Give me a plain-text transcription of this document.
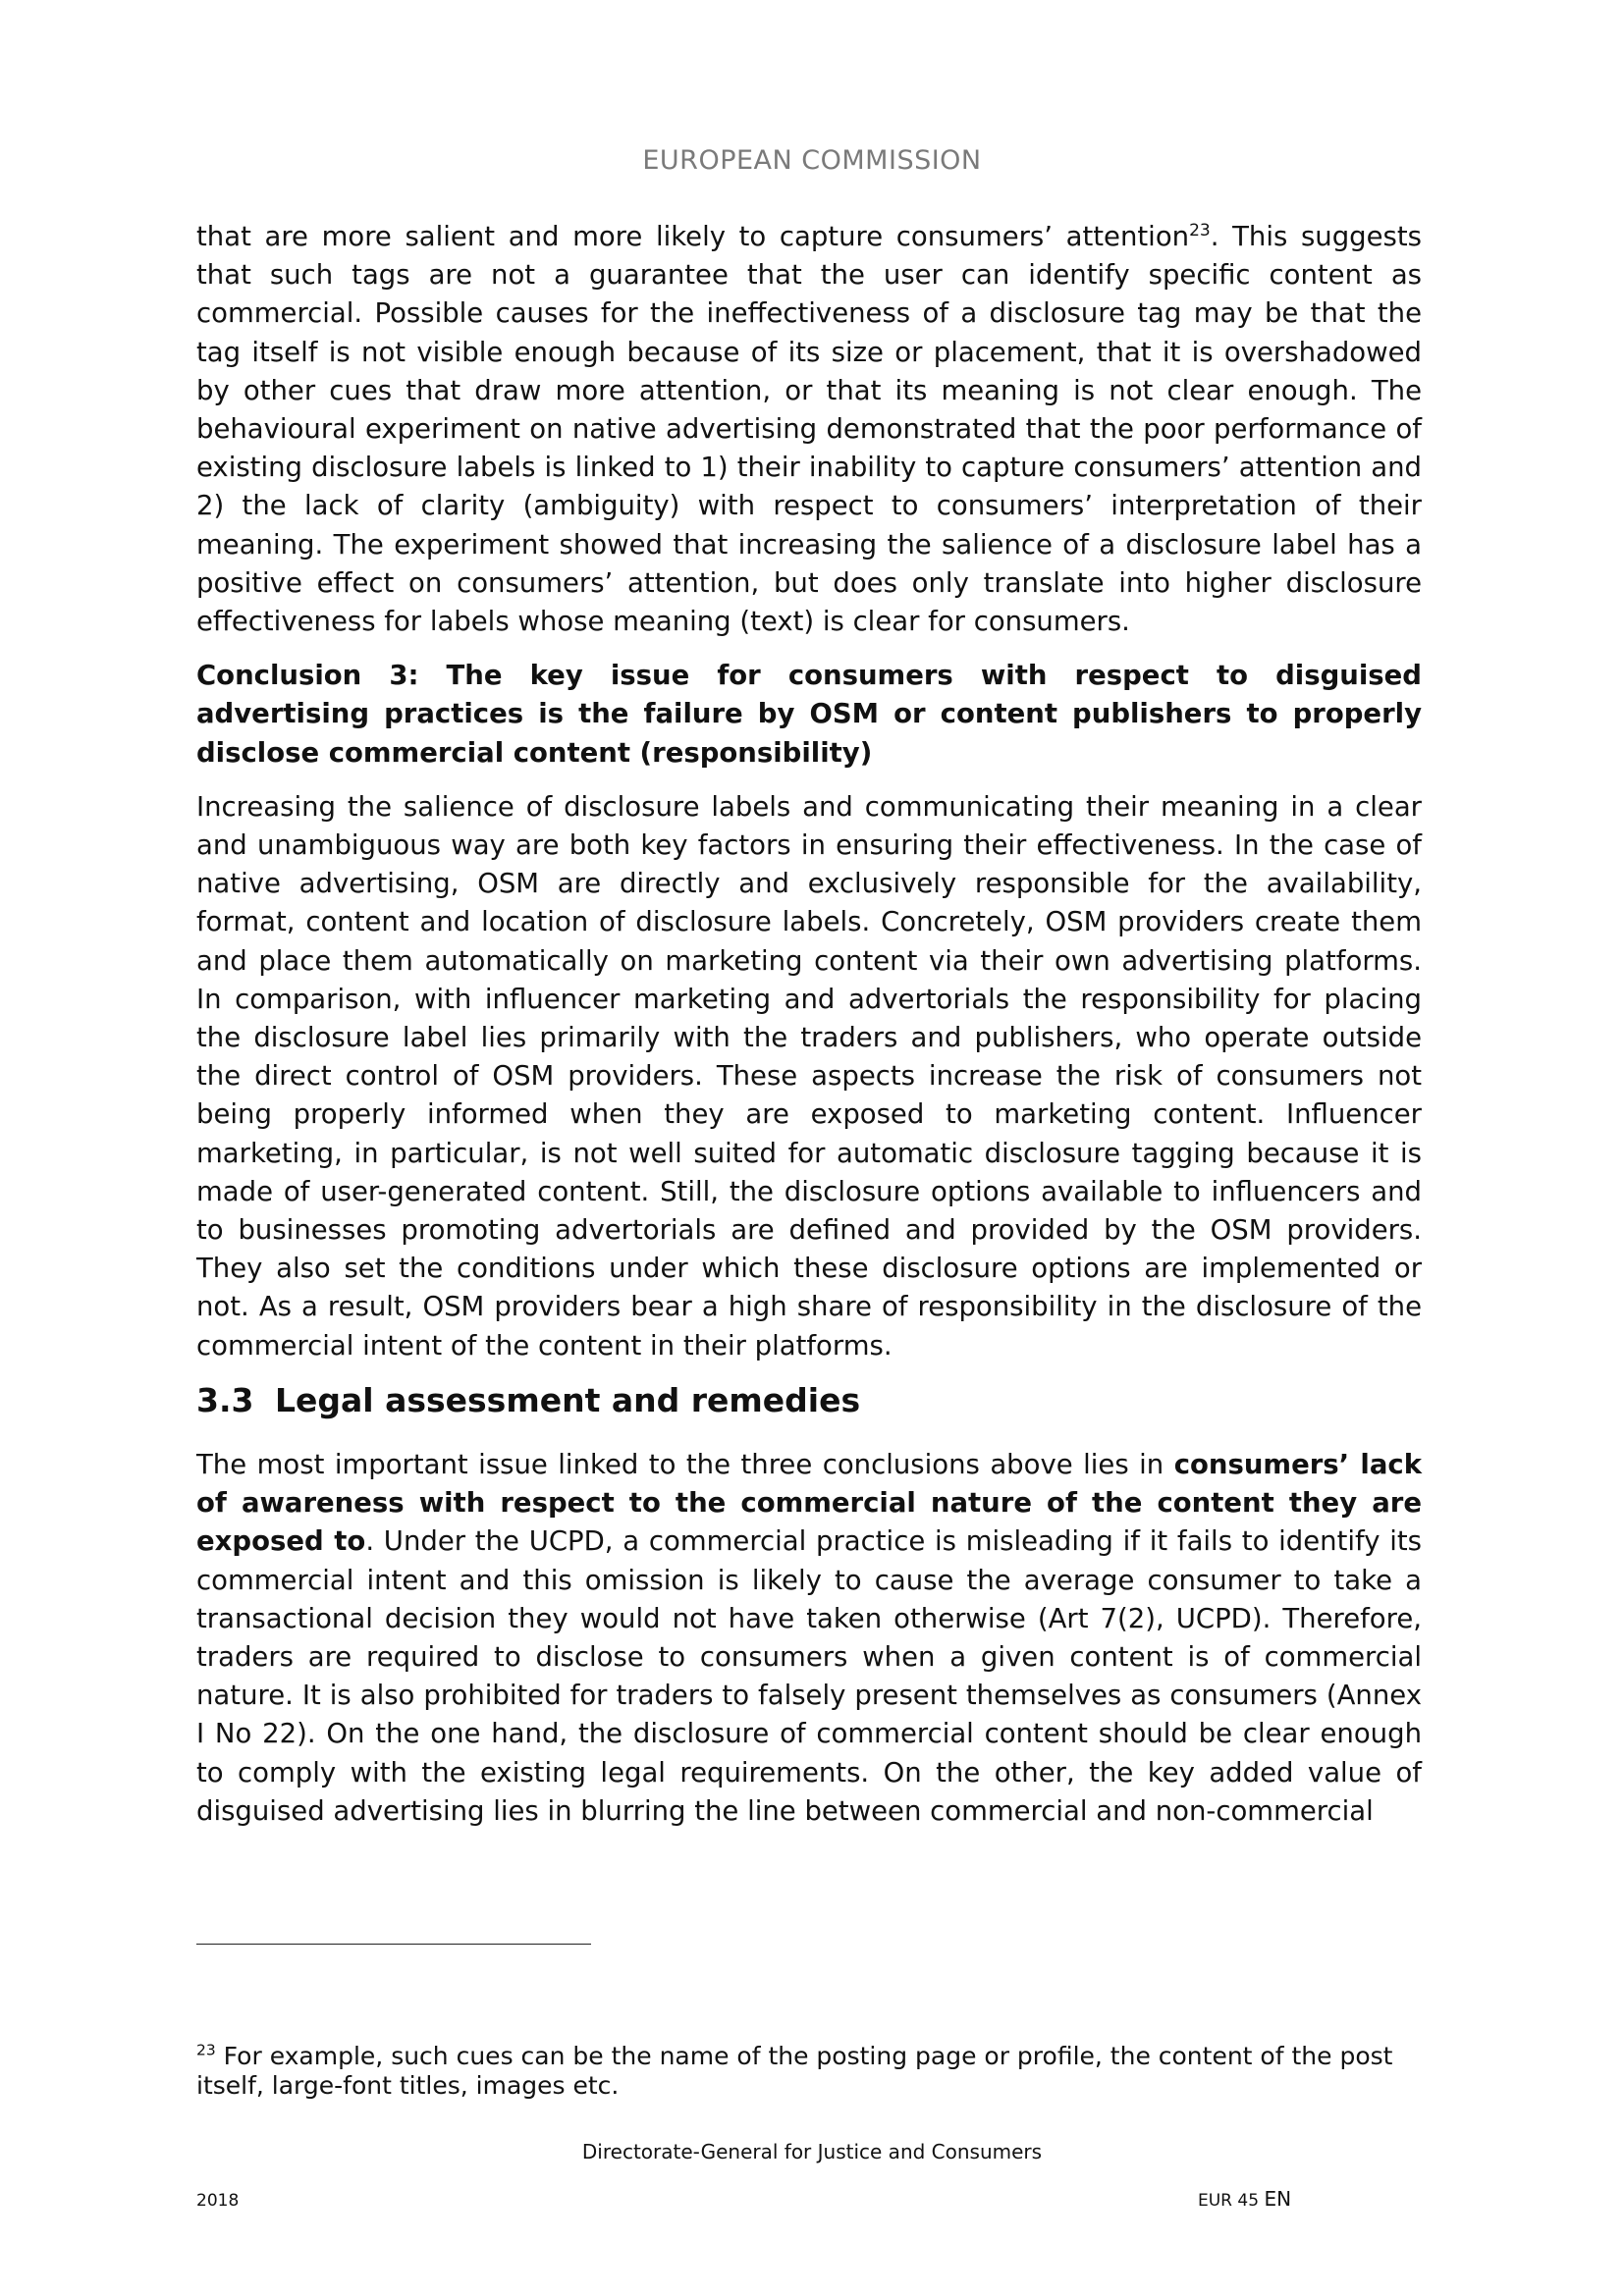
EUROPEAN COMMISSION

that are more salient and more likely to capture consumers’ attention$^{23}$. This suggests that such tags are not a guarantee that the user can identify specific content as commercial. Possible causes for the ineffectiveness of a disclosure tag may be that the tag itself is not visible enough because of its size or placement, that it is overshadowed by other cues that draw more attention, or that its meaning is not clear enough. The behavioural experiment on native advertising demonstrated that the poor performance of existing disclosure labels is linked to 1) their inability to capture consumers’ attention and 2) the lack of clarity (ambiguity) with respect to consumers’ interpretation of their meaning. The experiment showed that increasing the salience of a disclosure label has a positive effect on consumers’ attention, but does only translate into higher disclosure effectiveness for labels whose meaning (text) is clear for consumers.

Conclusion 3: The key issue for consumers with respect to disguised advertising practices is the failure by OSM or content publishers to properly disclose commercial content (responsibility)

Increasing the salience of disclosure labels and communicating their meaning in a clear and unambiguous way are both key factors in ensuring their effectiveness. In the case of native advertising, OSM are directly and exclusively responsible for the availability, format, content and location of disclosure labels. Concretely, OSM providers create them and place them automatically on marketing content via their own advertising platforms. In comparison, with influencer marketing and advertorials the responsibility for placing the disclosure label lies primarily with the traders and publishers, who operate outside the direct control of OSM providers. These aspects increase the risk of consumers not being properly informed when they are exposed to marketing content. Influencer marketing, in particular, is not well suited for automatic disclosure tagging because it is made of user-generated content. Still, the disclosure options available to influencers and to businesses promoting advertorials are defined and provided by the OSM providers. They also set the conditions under which these disclosure options are implemented or not. As a result, OSM providers bear a high share of responsibility in the disclosure of the commercial intent of the content in their platforms.

3.3 Legal assessment and remedies

The most important issue linked to the three conclusions above lies in consumers’ lack of awareness with respect to the commercial nature of the content they are exposed to. Under the UCPD, a commercial practice is misleading if it fails to identify its commercial intent and this omission is likely to cause the average consumer to take a transactional decision they would not have taken otherwise (Art 7(2), UCPD). Therefore, traders are required to disclose to consumers when a given content is of commercial nature. It is also prohibited for traders to falsely present themselves as consumers (Annex I No 22). On the one hand, the disclosure of commercial content should be clear enough to comply with the existing legal requirements. On the other, the key added value of disguised advertising lies in blurring the line between commercial and non-commercial

$^{23}$ For example, such cues can be the name of the posting page or profile, the content of the post itself, large-font titles, images etc.
Directorate-General for Justice and Consumers
2018	EUR 45 EN
